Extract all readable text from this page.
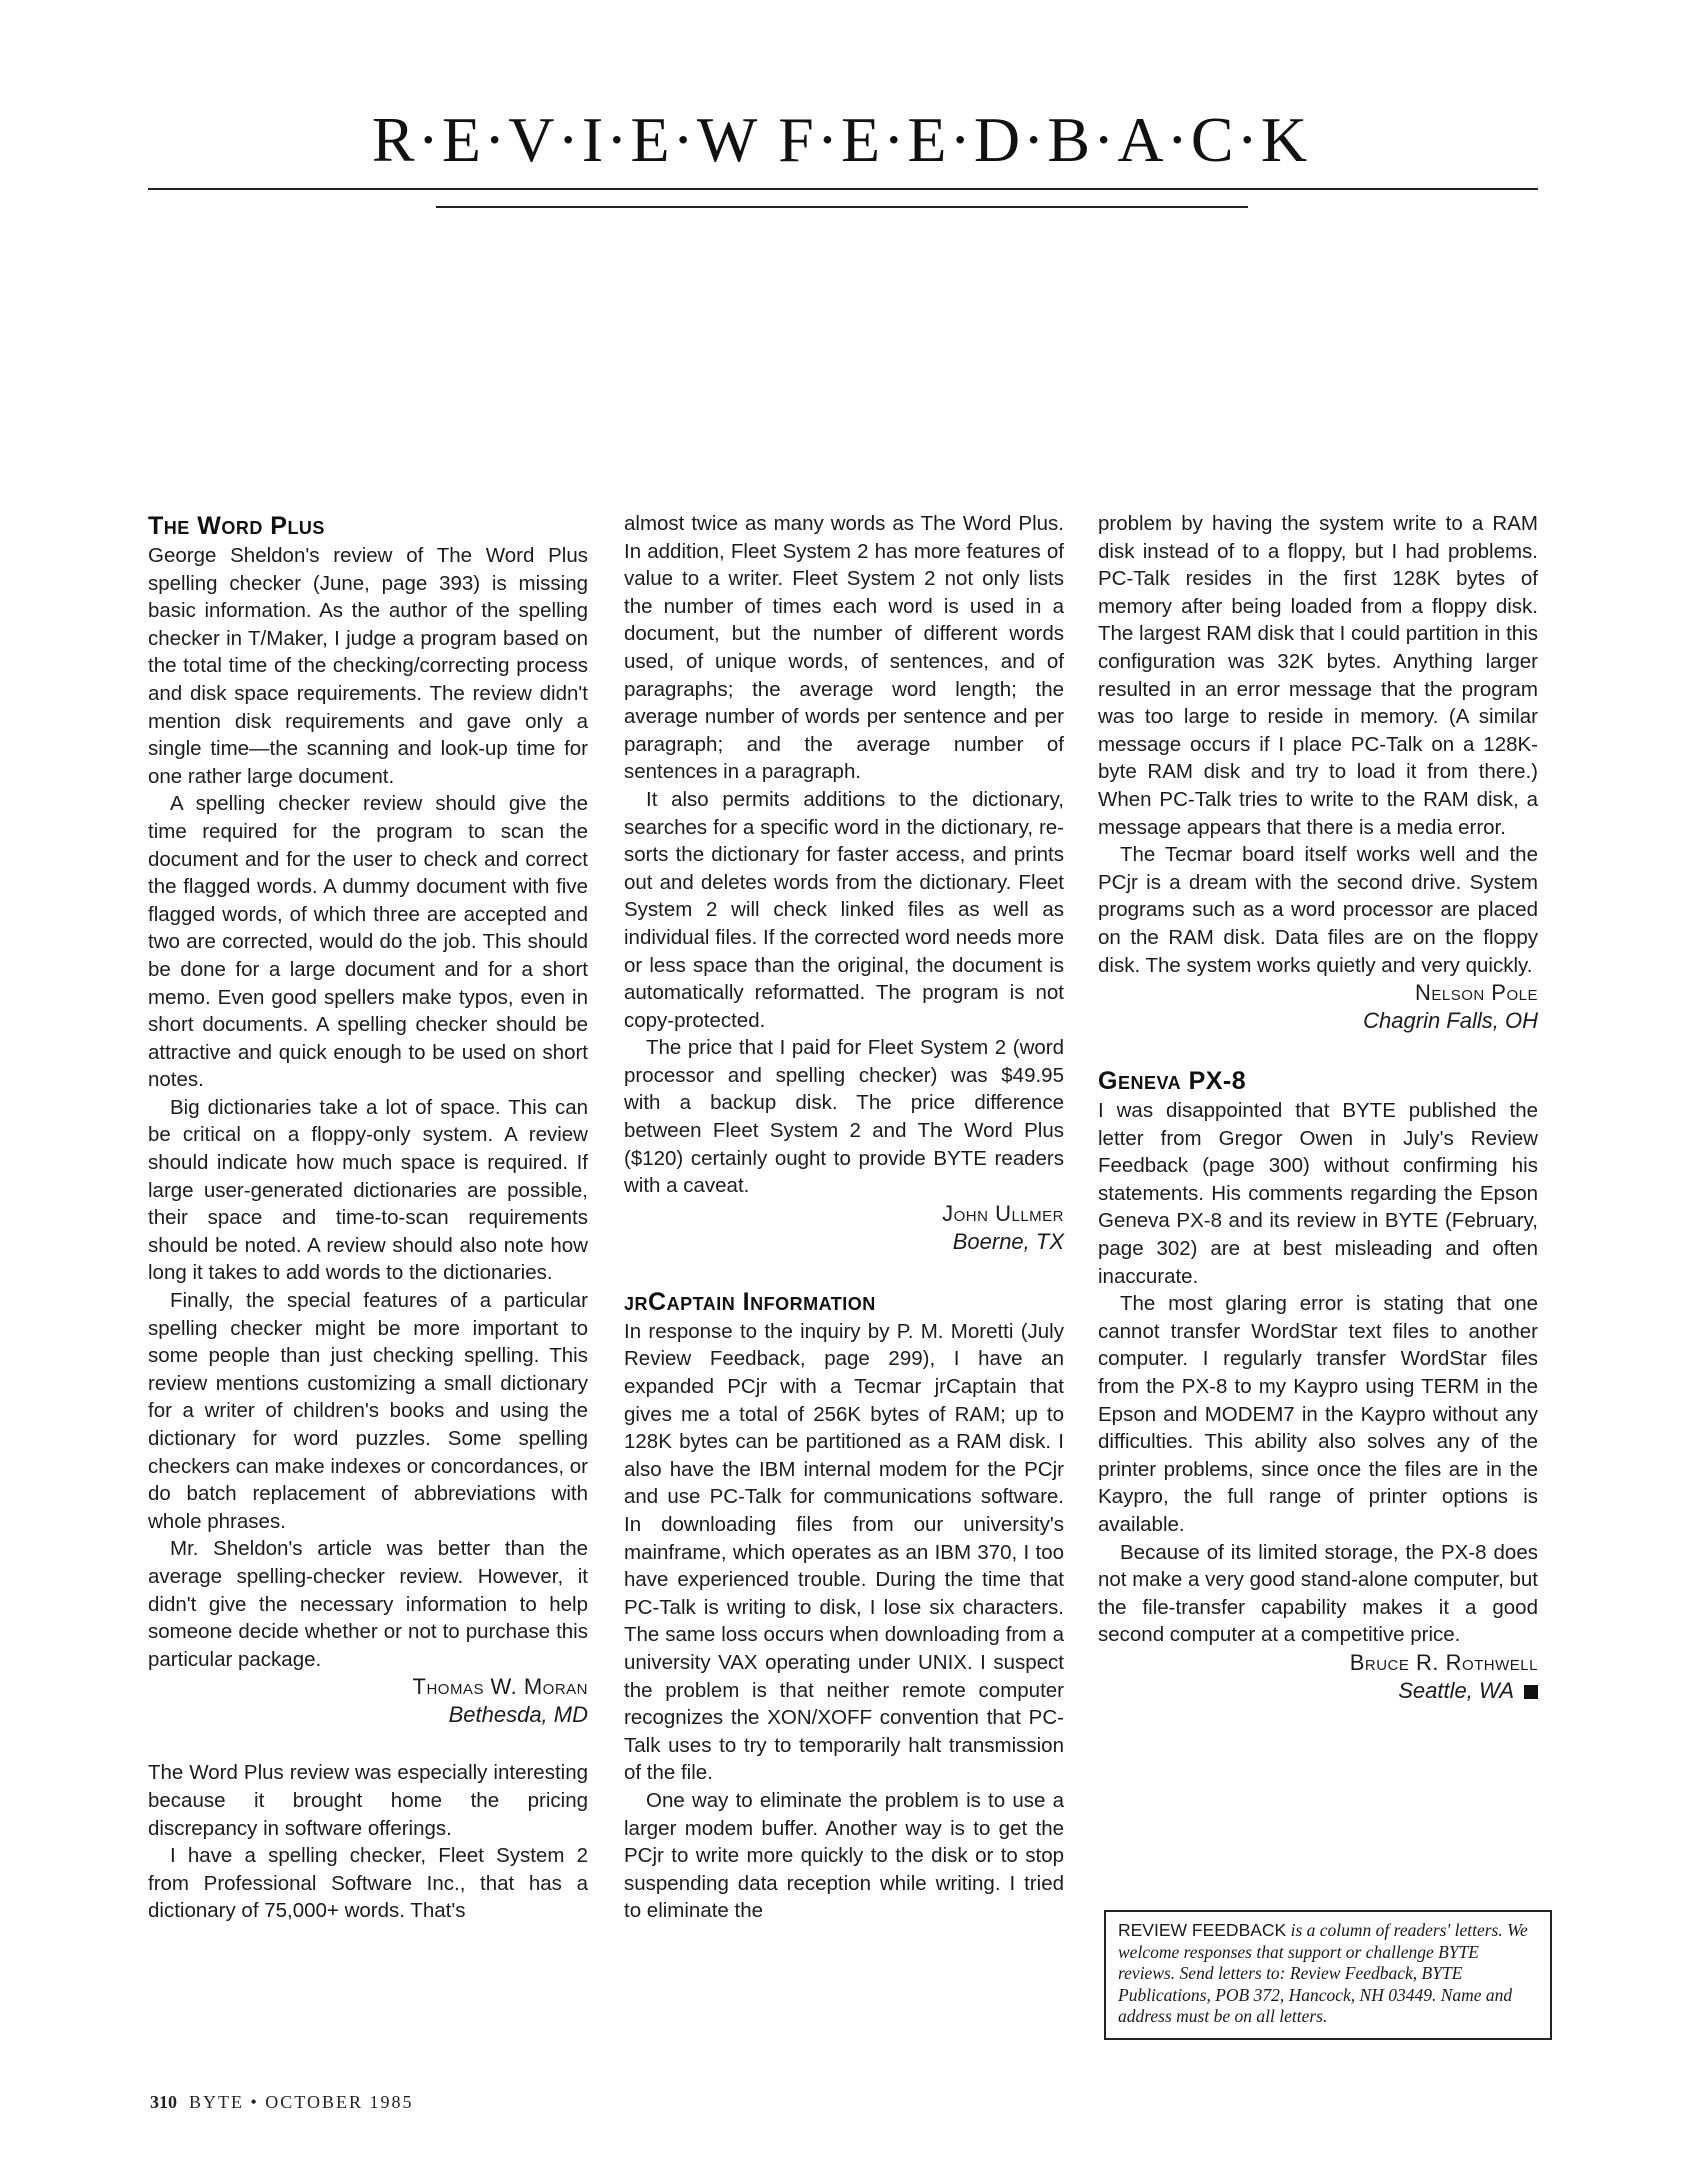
R·E·V·I·E·W F·E·E·D·B·A·C·K
The Word Plus

George Sheldon's review of The Word Plus spelling checker (June, page 393) is missing basic information. As the author of the spelling checker in T/Maker, I judge a program based on the total time of the checking/correcting process and disk space requirements. The review didn't mention disk requirements and gave only a single time—the scanning and look-up time for one rather large document.

A spelling checker review should give the time required for the program to scan the document and for the user to check and correct the flagged words. A dummy document with five flagged words, of which three are accepted and two are corrected, would do the job. This should be done for a large document and for a short memo. Even good spellers make typos, even in short documents. A spelling checker should be attractive and quick enough to be used on short notes.

Big dictionaries take a lot of space. This can be critical on a floppy-only system. A review should indicate how much space is required. If large user-generated dictionaries are possible, their space and time-to-scan requirements should be noted. A review should also note how long it takes to add words to the dictionaries.

Finally, the special features of a particular spelling checker might be more important to some people than just checking spelling. This review mentions customizing a small dictionary for a writer of children's books and using the dictionary for word puzzles. Some spelling checkers can make indexes or concordances, or do batch replacement of abbreviations with whole phrases.

Mr. Sheldon's article was better than the average spelling-checker review. However, it didn't give the necessary information to help someone decide whether or not to purchase this particular package.

Thomas W. Moran
Bethesda, MD

The Word Plus review was especially interesting because it brought home the pricing discrepancy in software offerings.

I have a spelling checker, Fleet System 2 from Professional Software Inc., that has a dictionary of 75,000+ words. That's

almost twice as many words as The Word Plus. In addition, Fleet System 2 has more features of value to a writer. Fleet System 2 not only lists the number of times each word is used in a document, but the number of different words used, of unique words, of sentences, and of paragraphs; the average word length; the average number of words per sentence and per paragraph; and the average number of sentences in a paragraph.

It also permits additions to the dictionary, searches for a specific word in the dictionary, re-sorts the dictionary for faster access, and prints out and deletes words from the dictionary. Fleet System 2 will check linked files as well as individual files. If the corrected word needs more or less space than the original, the document is automatically reformatted. The program is not copy-protected.

The price that I paid for Fleet System 2 (word processor and spelling checker) was $49.95 with a backup disk. The price difference between Fleet System 2 and The Word Plus ($120) certainly ought to provide BYTE readers with a caveat.

John Ullmer
Boerne, TX
jrCaptain Information

In response to the inquiry by P. M. Moretti (July Review Feedback, page 299), I have an expanded PCjr with a Tecmar jrCaptain that gives me a total of 256K bytes of RAM; up to 128K bytes can be partitioned as a RAM disk. I also have the IBM internal modem for the PCjr and use PC-Talk for communications software. In downloading files from our university's mainframe, which operates as an IBM 370, I too have experienced trouble. During the time that PC-Talk is writing to disk, I lose six characters. The same loss occurs when downloading from a university VAX operating under UNIX. I suspect the problem is that neither remote computer recognizes the XON/XOFF convention that PC-Talk uses to try to temporarily halt transmission of the file.

One way to eliminate the problem is to use a larger modem buffer. Another way is to get the PCjr to write more quickly to the disk or to stop suspending data reception while writing. I tried to eliminate the

problem by having the system write to a RAM disk instead of to a floppy, but I had problems. PC-Talk resides in the first 128K bytes of memory after being loaded from a floppy disk. The largest RAM disk that I could partition in this configuration was 32K bytes. Anything larger resulted in an error message that the program was too large to reside in memory. (A similar message occurs if I place PC-Talk on a 128K-byte RAM disk and try to load it from there.) When PC-Talk tries to write to the RAM disk, a message appears that there is a media error.

The Tecmar board itself works well and the PCjr is a dream with the second drive. System programs such as a word processor are placed on the RAM disk. Data files are on the floppy disk. The system works quietly and very quickly.

Nelson Pole
Chagrin Falls, OH
Geneva PX-8

I was disappointed that BYTE published the letter from Gregor Owen in July's Review Feedback (page 300) without confirming his statements. His comments regarding the Epson Geneva PX-8 and its review in BYTE (February, page 302) are at best misleading and often inaccurate.

The most glaring error is stating that one cannot transfer WordStar text files to another computer. I regularly transfer WordStar files from the PX-8 to my Kaypro using TERM in the Epson and MODEM7 in the Kaypro without any difficulties. This ability also solves any of the printer problems, since once the files are in the Kaypro, the full range of printer options is available.

Because of its limited storage, the PX-8 does not make a very good stand-alone computer, but the file-transfer capability makes it a good second computer at a competitive price.

Bruce R. Rothwell
Seattle, WA
REVIEW FEEDBACK is a column of readers' letters. We welcome responses that support or challenge BYTE reviews. Send letters to: Review Feedback, BYTE Publications, POB 372, Hancock, NH 03449. Name and address must be on all letters.
310 BYTE • OCTOBER 1985
